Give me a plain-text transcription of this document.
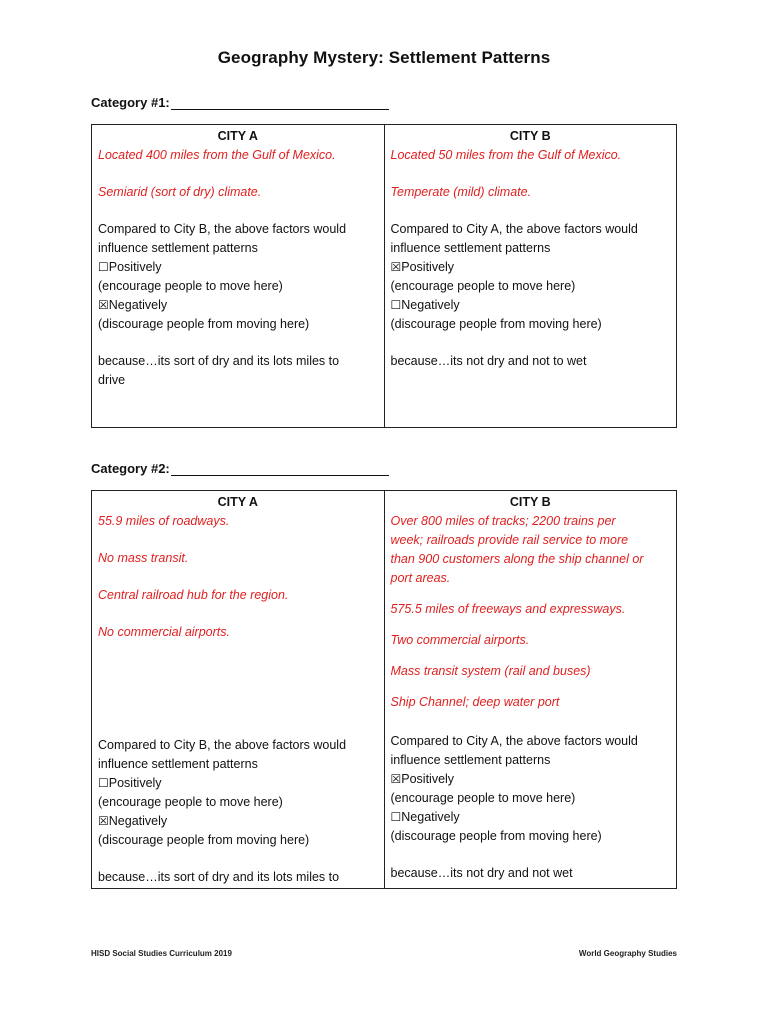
Geography Mystery: Settlement Patterns
Category #1:
CITY A
Located 400 miles from the Gulf of Mexico.
Semiarid (sort of dry) climate.
Compared to City B, the above factors would
influence settlement patterns
☐Positively
(encourage people to move here)
☒Negatively
(discourage people from moving here)
because…its sort of dry and its lots miles to
drive
CITY B
Located 50 miles from the Gulf of Mexico.
Temperate (mild) climate.
Compared to City A, the above factors would
influence settlement patterns
☒Positively
(encourage people to move here)
☐Negatively
(discourage people from moving here)
because…its not dry and not to wet
Category #2:
CITY A
55.9 miles of roadways.
No mass transit.
Central railroad hub for the region.
No commercial airports.
Compared to City B, the above factors would
influence settlement patterns
☐Positively
(encourage people to move here)
☒Negatively
(discourage people from moving here)
because…its sort of dry and its lots miles to
CITY B
Over 800 miles of tracks; 2200 trains per
week; railroads provide rail service to more
than 900 customers along the ship channel or
port areas.
575.5 miles of freeways and expressways.
Two commercial airports.
Mass transit system (rail and buses)
Ship Channel; deep water port
Compared to City A, the above factors would
influence settlement patterns
☒Positively
(encourage people to move here)
☐Negatively
(discourage people from moving here)
because…its not dry and not wet
HISD Social Studies Curriculum 2019	World Geography Studies
